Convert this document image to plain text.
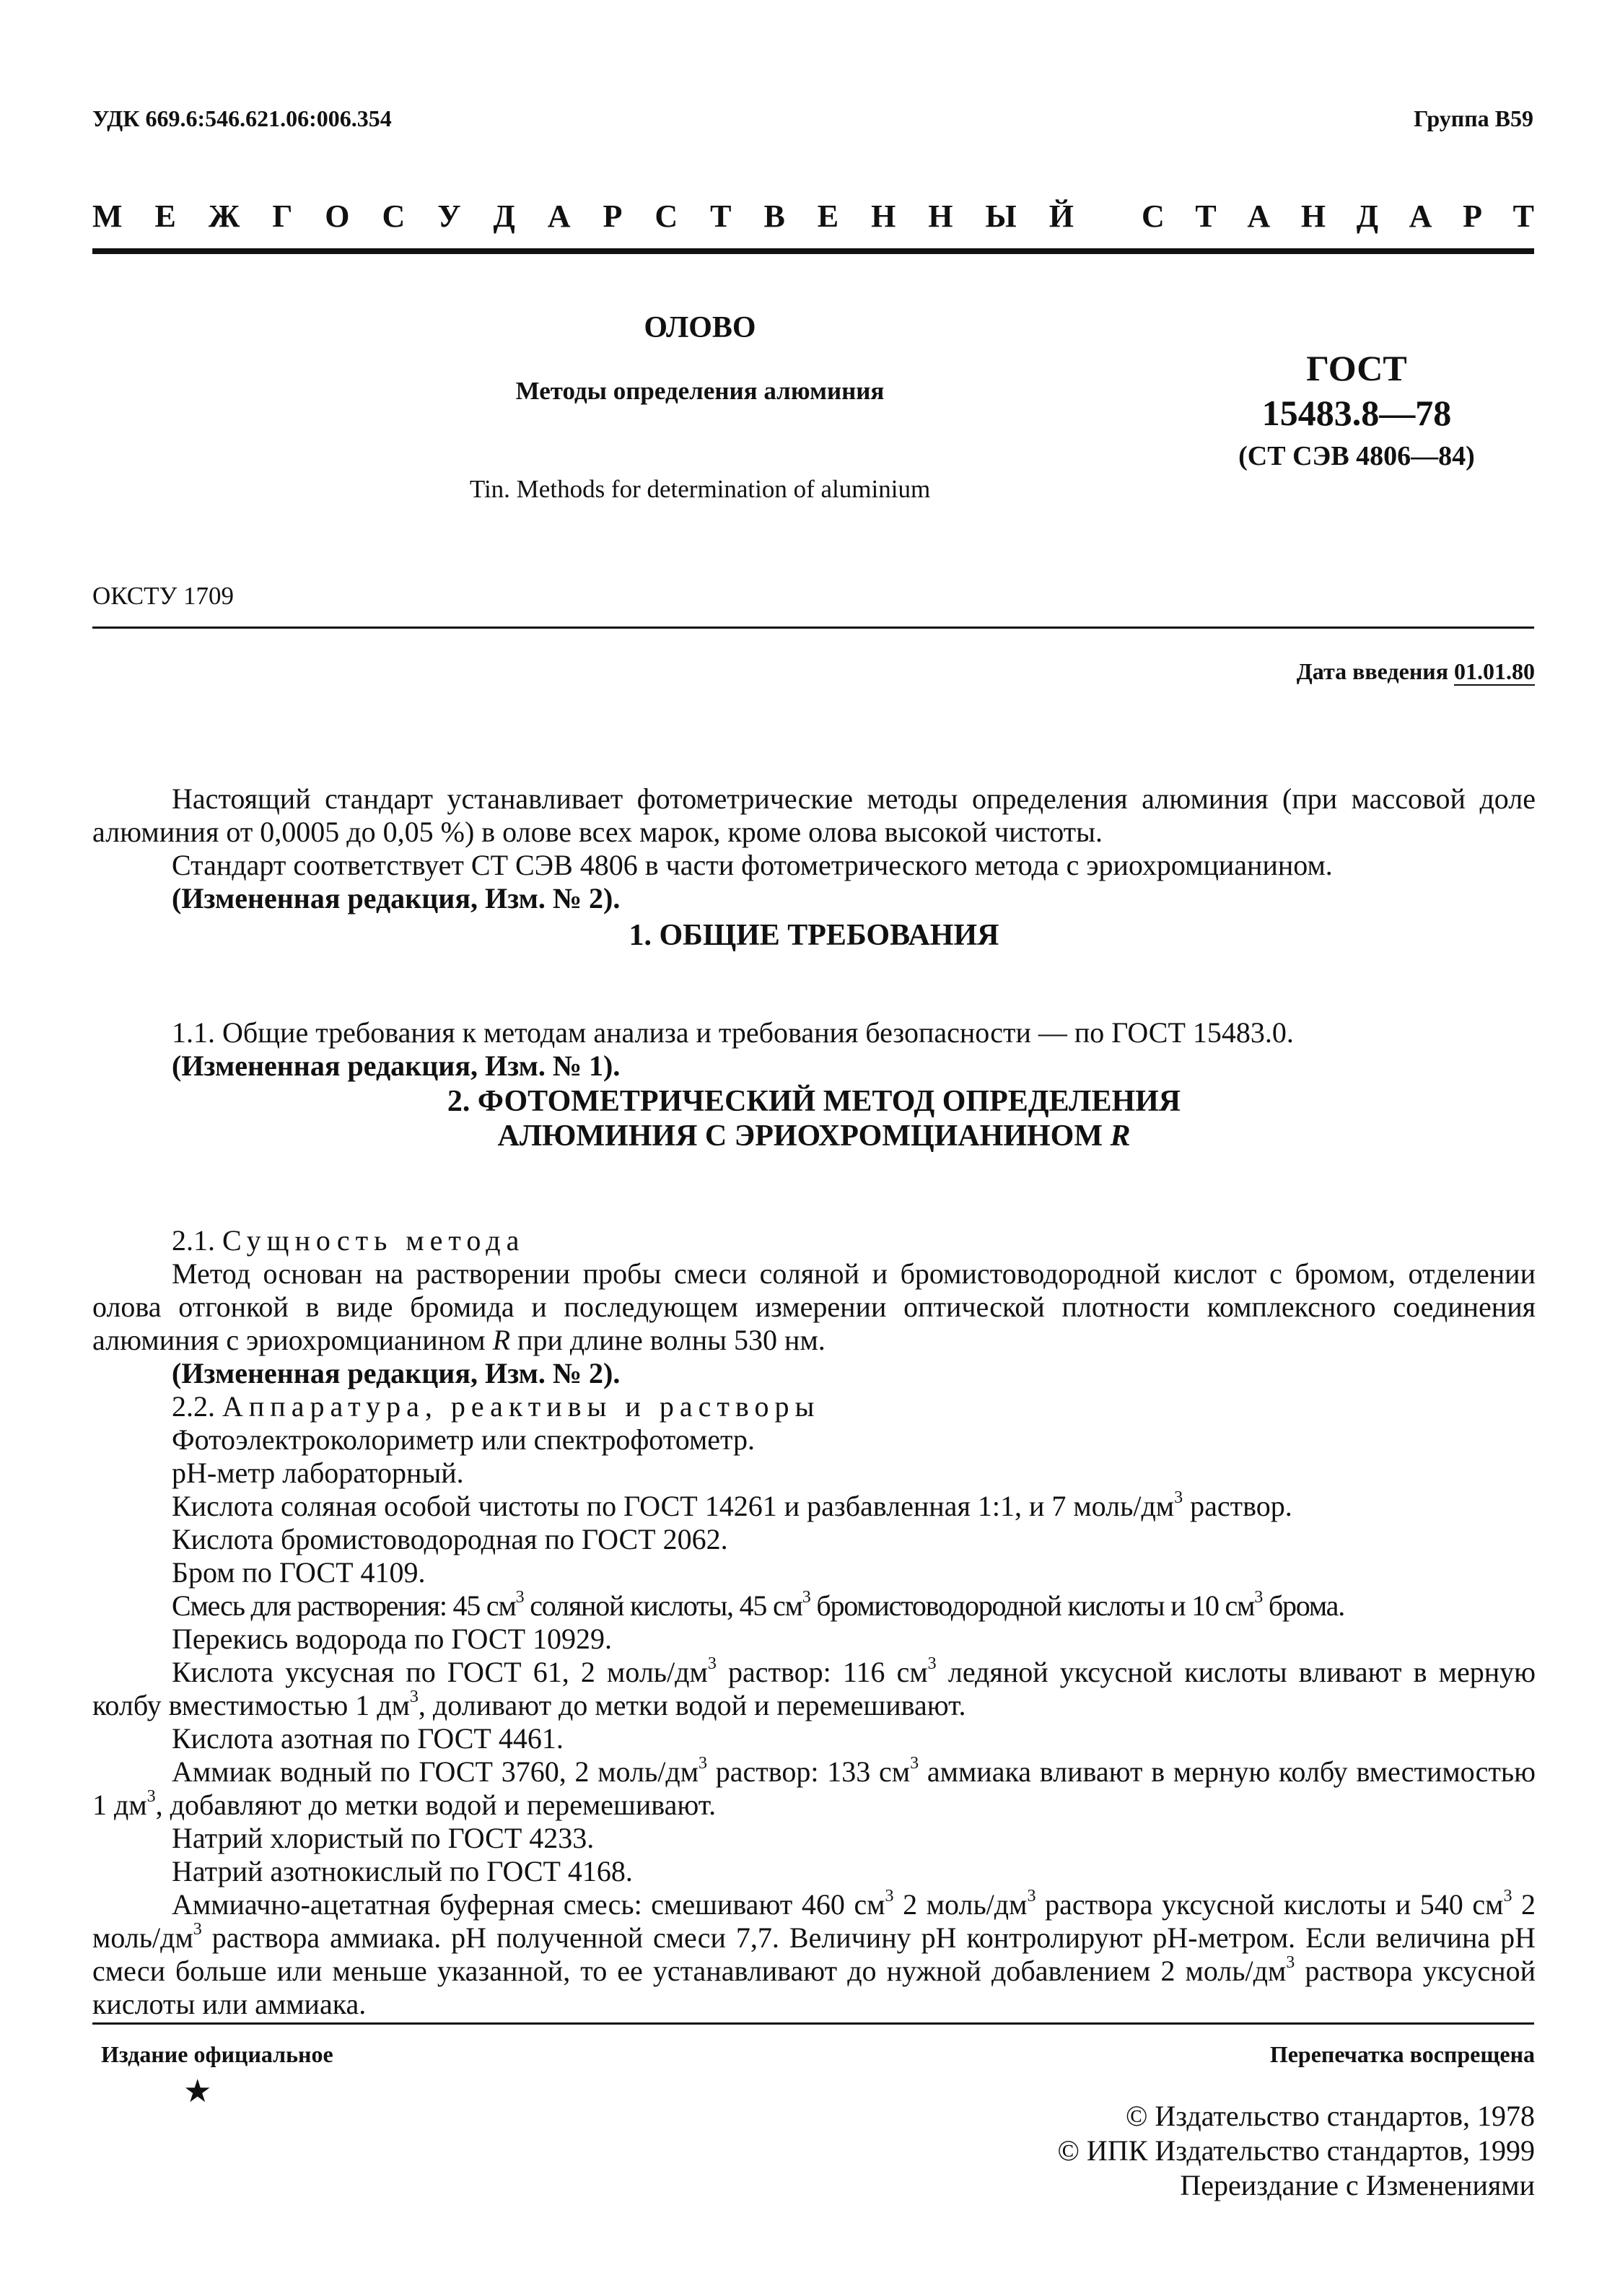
УДК 669.6:546.621.06:006.354	Группа В59

М Е Ж Г О С У Д А Р С Т В Е Н Н Ы Й С Т А Н Д А Р Т

ОЛОВО

Методы определения алюминия

Tin. Methods for determination of aluminium

ГОСТ

15483.8—78

(СТ СЭВ 4806—84)

ОКСТУ 1709

Дата введения 01.01.80

Настоящий стандарт устанавливает фотометрические методы определения алюминия (при массовой доле алюминия от 0,0005 до 0,05 %) в олове всех марок, кроме олова высокой чистоты.

Стандарт соответствует СТ СЭВ 4806 в части фотометрического метода с эриохромцианином.

(Измененная редакция, Изм. № 2).

1. ОБЩИЕ ТРЕБОВАНИЯ

1.1. Общие требования к методам анализа и требования безопасности — по ГОСТ 15483.0.

(Измененная редакция, Изм. № 1).

2. ФОТОМЕТРИЧЕСКИЙ МЕТОД ОПРЕДЕЛЕНИЯ

АЛЮМИНИЯ С ЭРИОХРОМЦИАНИНОМ R

2.1. Сущность метода

Метод основан на растворении пробы смеси соляной и бромистоводородной кислот с бромом, отделении олова отгонкой в виде бромида и последующем измерении оптической плотности комплексного соединения алюминия с эриохромцианином R при длине волны 530 нм.

(Измененная редакция, Изм. № 2).

2.2. Аппаратура, реактивы и растворы

Фотоэлектроколориметр или спектрофотометр.

рН-метр лабораторный.

Кислота соляная особой чистоты по ГОСТ 14261 и разбавленная 1:1, и 7 моль/$дм^3$ раствор.

Кислота бромистоводородная по ГОСТ 2062.

Бром по ГОСТ 4109.

Смесь для растворения: 45 $см^3$ соляной кислоты, 45 $см^3$ бромистоводородной кислоты и 10 $см^3$ брома.

Перекись водорода по ГОСТ 10929.

Кислота уксусная по ГОСТ 61, 2 моль/$дм^3$ раствор: 116 $см^3$ ледяной уксусной кислоты вливают в мерную колбу вместимостью 1 $дм^3$, доливают до метки водой и перемешивают.

Кислота азотная по ГОСТ 4461.

Аммиак водный по ГОСТ 3760, 2 моль/$дм^3$ раствор: 133 $см^3$ аммиака вливают в мерную колбу вместимостью 1 $дм^3$, добавляют до метки водой и перемешивают.

Натрий хлористый по ГОСТ 4233.

Натрий азотнокислый по ГОСТ 4168.

Аммиачно-ацетатная буферная смесь: смешивают 460 $см^3$ 2 моль/$дм^3$ раствора уксусной кислоты и 540 $см^3$ 2 моль/$дм^3$ раствора аммиака. рН полученной смеси 7,7. Величину рН контролируют рН-метром. Если величина рН смеси больше или меньше указанной, то ее устанавливают до нужной добавлением 2 моль/$дм^3$ раствора уксусной кислоты или аммиака.

Издание официальное

★

Перепечатка воспрещена

© Издательство стандартов, 1978

© ИПК Издательство стандартов, 1999

Переиздание с Изменениями
